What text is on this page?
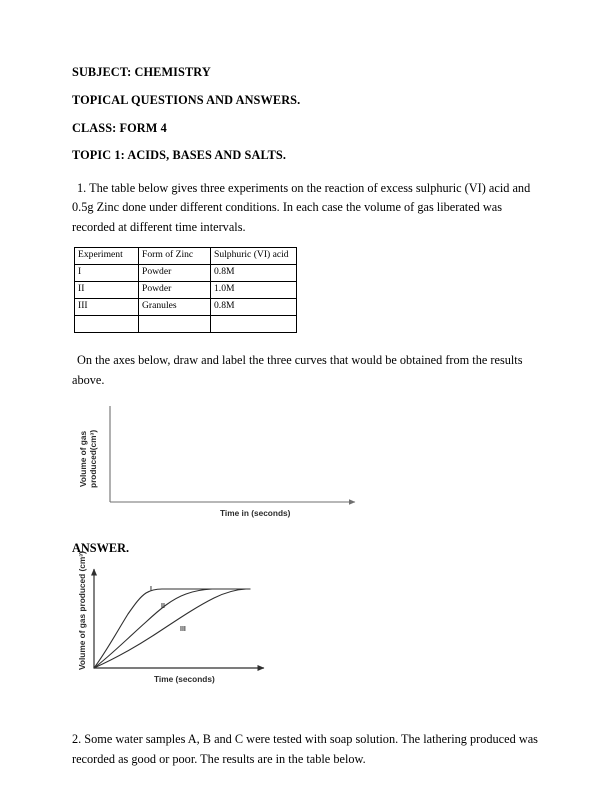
SUBJECT: CHEMISTRY

TOPICAL QUESTIONS AND ANSWERS.

CLASS: FORM 4

TOPIC 1: ACIDS, BASES AND SALTS.

1. The table below gives three experiments on the reaction of excess sulphuric (VI) acid and 0.5g Zinc done under different conditions. In each case the volume of gas liberated was recorded at different time intervals.

Experiment	Form of Zinc	Sulphuric (VI) acid
I	Powder	0.8M
II	Powder	1.0M
III	Granules	0.8M

On the axes below, draw and label the three curves that would be obtained from the results above.

Volume of gas produced(cm³)
Time in (seconds)

ANSWER.

Volume of gas produced (cm³)
Time (seconds)
I
II
III

2. Some water samples A, B and C were tested with soap solution. The lathering produced was recorded as good or poor. The results are in the table below.
